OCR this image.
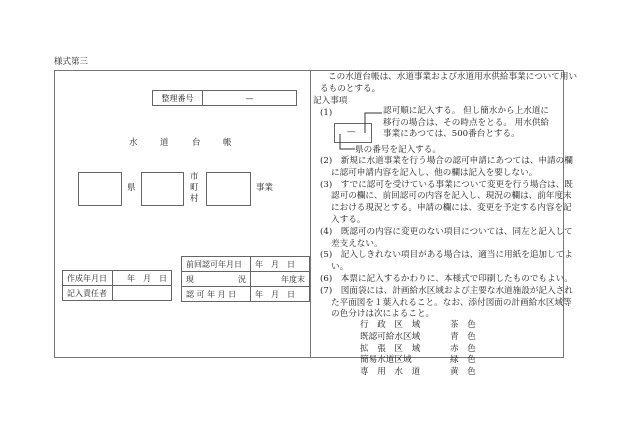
様式第三
整理番号	—
水	道	台	帳
県
市
町
村
事業
作成年月日	年　月　日
記入責任者	
前回認可年月日	年　月　日
現 況	年度末
認 可 年 月 日	年　月　日
この水道台帳は、水道事業および水道用水供給事業について用い
るものとする。
記入事項
(1)
—
認可順に記入する。 但し簡水から上水道に
移行の場合は、その時点をとる。 用水供給
事業にあつては、500番台とする。
県の番号を記入する。
(2)　新規に水道事業を行う場合の認可申請にあつては、申請の欄
に認可申請内容を記入し、他の欄は記入を要しない。
(3)　すでに認可を受けている事業について変更を行う場合は、既
認可の欄に、前回認可の内容を記入し、現況の欄は、前年度末
における現況とする。申請の欄には、変更を予定する内容を記
入する。
(4)　既認可の内容に変更のない項目については、同左と記入して
差支えない。
(5)　記入しきれない項目がある場合は、適当に用紙を追加してよ
い。
(6)　本票に記入するかわりに、本様式で印刷したものでもよい。
(7)　図面袋には、計画給水区域および主要な水道施設が記入され
た平面図を１葉入れること。なお、添付図面の計画給水区域等
の色分けは次によること。
行　政　区　域	茶　色
既認可給水区域	青　色
拡　張　区　域	赤　色
簡易水道区域	緑　色
専　用　水　道	黄　色
